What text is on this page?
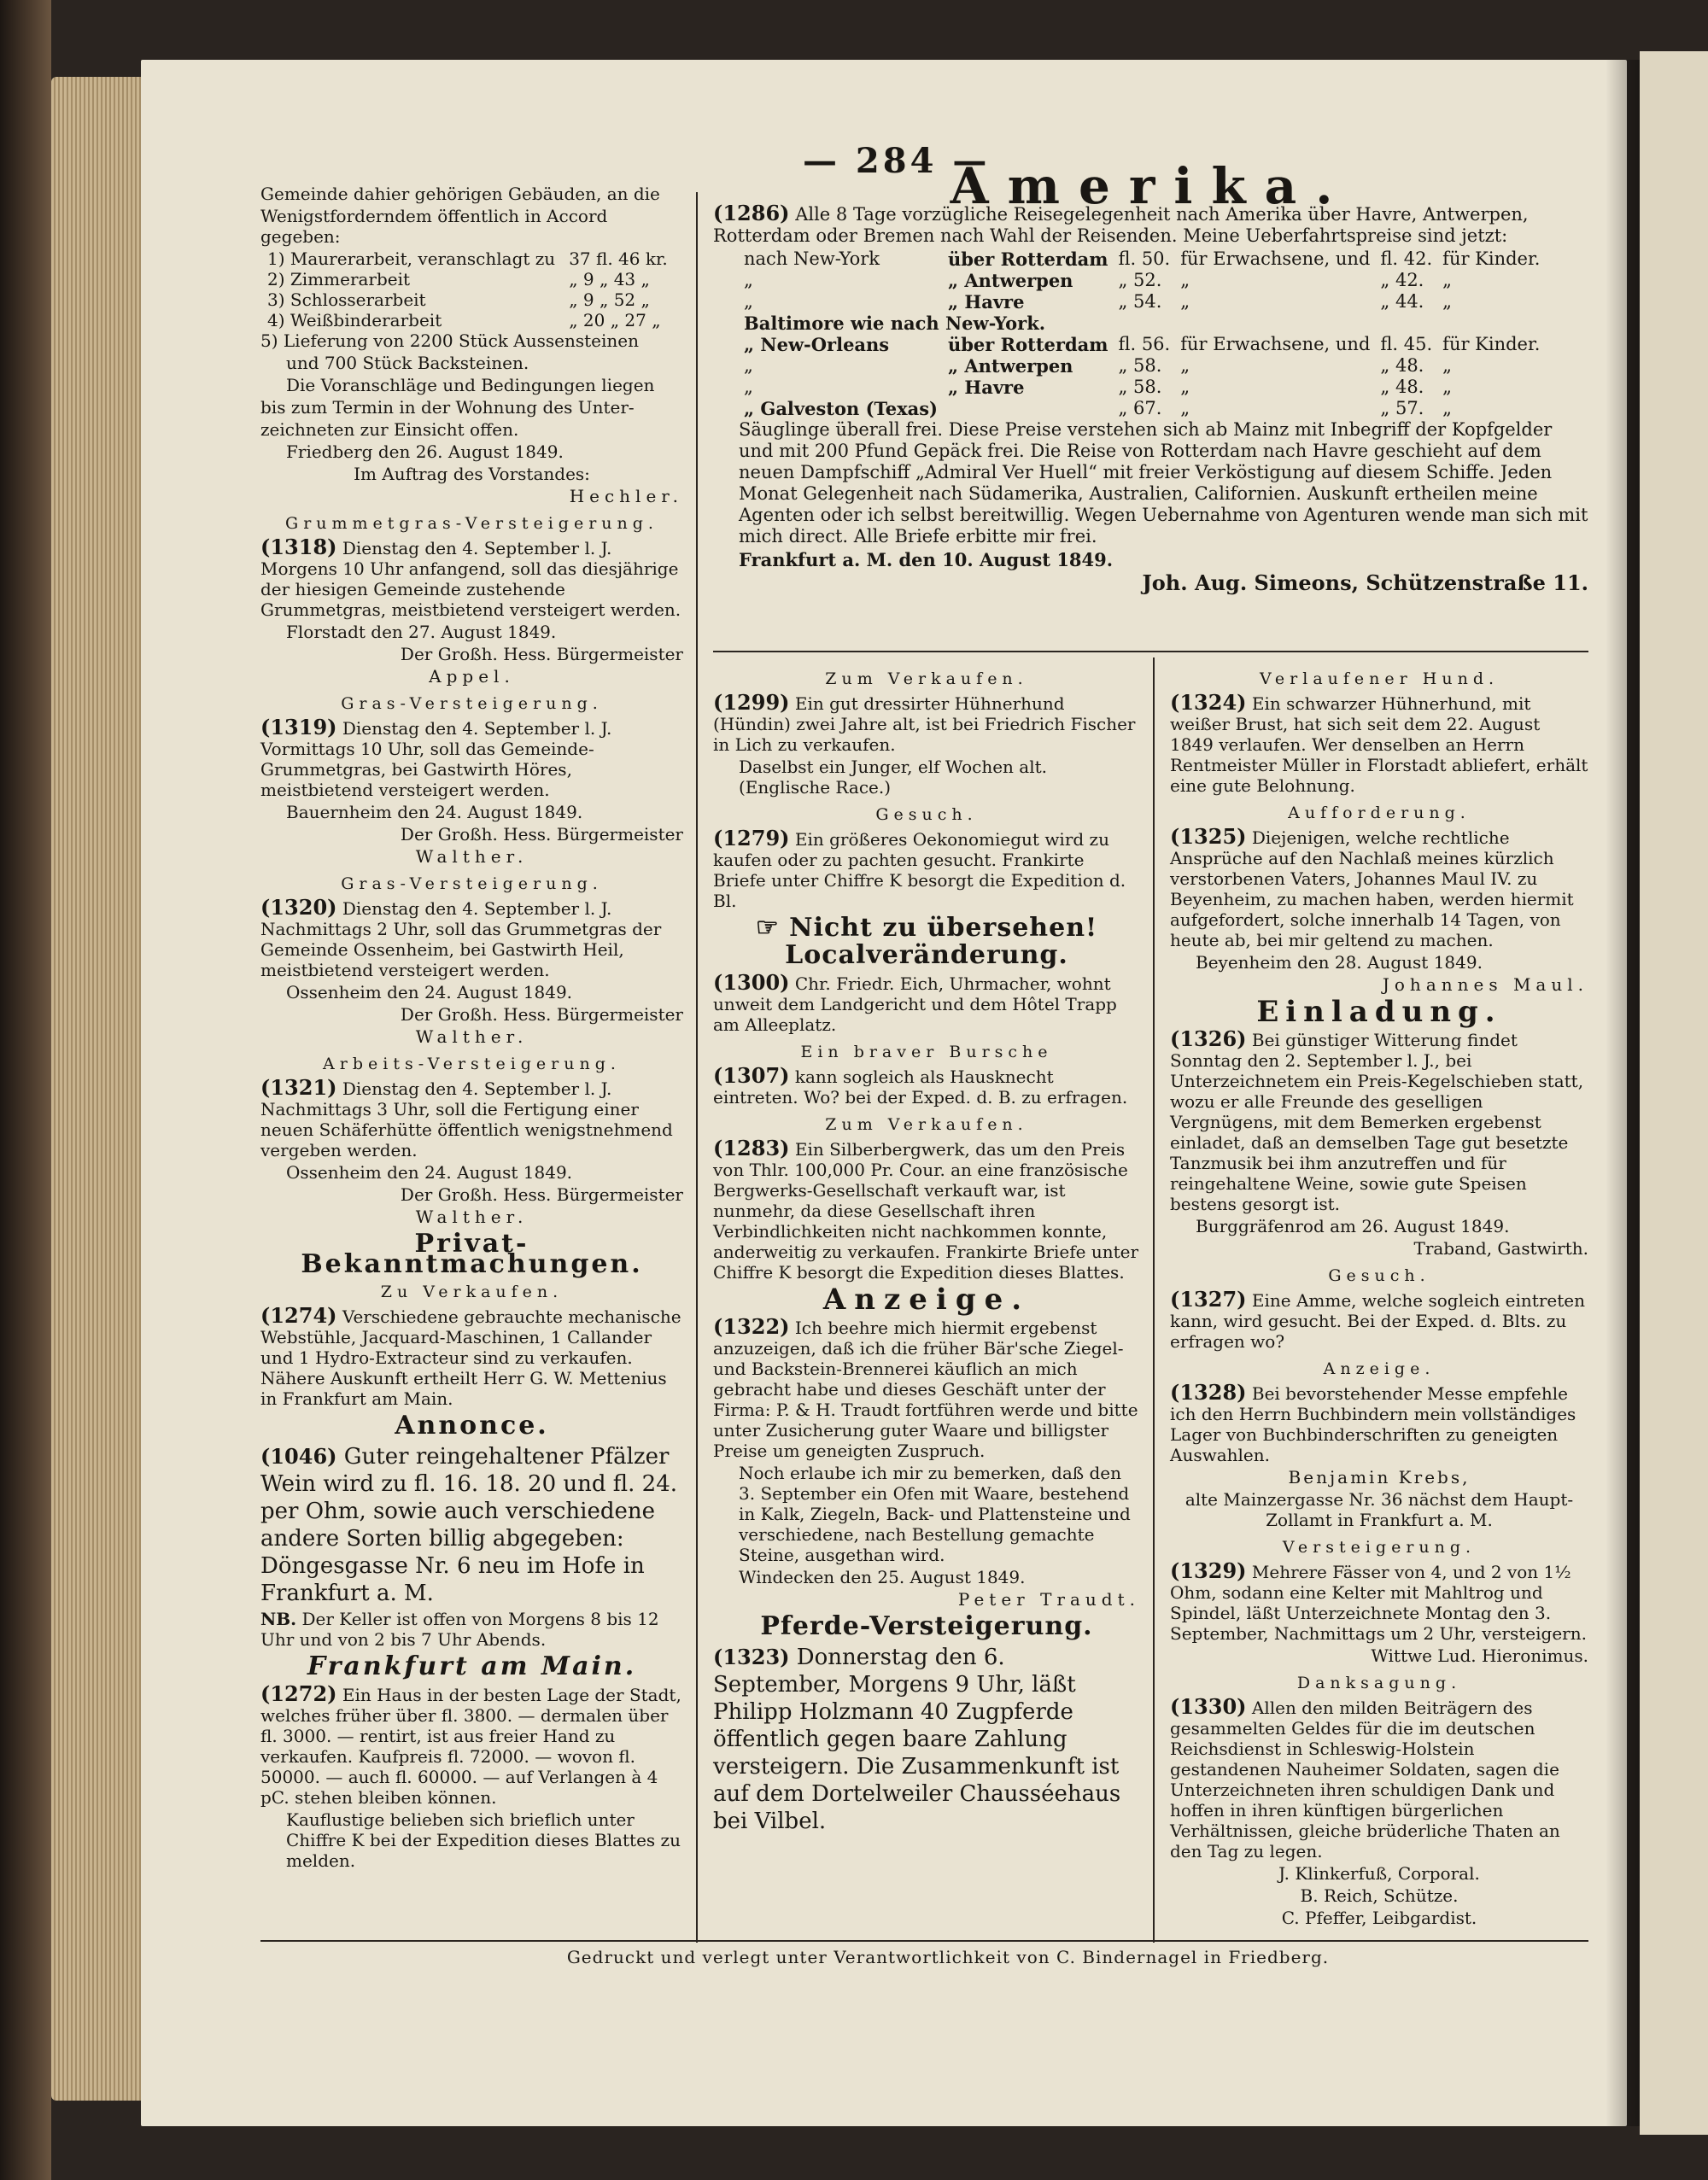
— 284 —

Gemeinde dahier gehörigen Gebäuden, an die

Wenigstforderndem öffentlich in Accord gegeben:

1) Maurerarbeit, veranschlagt zu	37 fl. 46 kr.
2) Zimmerarbeit	„ 9 „ 43 „
3) Schlosserarbeit	„ 9 „ 52 „
4) Weißbinderarbeit	„ 20 „ 27 „

5) Lieferung von 2200 Stück Aussensteinen

und 700 Stück Backsteinen.

Die Voranschläge und Bedingungen liegen

bis zum Termin in der Wohnung des Unter-

zeichneten zur Einsicht offen.

Friedberg den 26. August 1849.

Im Auftrag des Vorstandes:

Hechler.

Grummetgras-Versteigerung.

(1318) Dienstag den 4. September l. J. Morgens 10 Uhr anfangend, soll das diesjährige der hiesigen Gemeinde zustehende Grummetgras, meistbietend versteigert werden.

Florstadt den 27. August 1849.

Der Großh. Hess. Bürgermeister

Appel.

Gras-Versteigerung.

(1319) Dienstag den 4. September l. J. Vormittags 10 Uhr, soll das Gemeinde-Grummetgras, bei Gastwirth Höres, meistbietend versteigert werden.

Bauernheim den 24. August 1849.

Der Großh. Hess. Bürgermeister

Walther.

Gras-Versteigerung.

(1320) Dienstag den 4. September l. J. Nachmittags 2 Uhr, soll das Grummetgras der Gemeinde Ossenheim, bei Gastwirth Heil, meistbietend versteigert werden.

Ossenheim den 24. August 1849.

Der Großh. Hess. Bürgermeister

Walther.

Arbeits-Versteigerung.

(1321) Dienstag den 4. September l. J. Nachmittags 3 Uhr, soll die Fertigung einer neuen Schäferhütte öffentlich wenigstnehmend vergeben werden.

Ossenheim den 24. August 1849.

Der Großh. Hess. Bürgermeister

Walther.

Privat-Bekanntmachungen.
Zu Verkaufen.

(1274) Verschiedene gebrauchte mechanische Webstühle, Jacquard-Maschinen, 1 Callander und 1 Hydro-Extracteur sind zu verkaufen. Nähere Auskunft ertheilt Herr G. W. Mettenius in Frankfurt am Main.

Annonce.

(1046) Guter reingehaltener Pfälzer Wein wird zu fl. 16. 18. 20 und fl. 24. per Ohm, sowie auch verschiedene andere Sorten billig abgegeben: Döngesgasse Nr. 6 neu im Hofe in Frankfurt a. M.

NB. Der Keller ist offen von Morgens 8 bis 12 Uhr und von 2 bis 7 Uhr Abends.

Frankfurt am Main.

(1272) Ein Haus in der besten Lage der Stadt, welches früher über fl. 3800. — dermalen über fl. 3000. — rentirt, ist aus freier Hand zu verkaufen. Kaufpreis fl. 72000. — wovon fl. 50000. — auch fl. 60000. — auf Verlangen à 4 pC. stehen bleiben können.

Kauflustige belieben sich brieflich unter Chiffre K bei der Expedition dieses Blattes zu melden.

Amerika.

(1286) Alle 8 Tage vorzügliche Reisegelegenheit nach Amerika über Havre, Antwerpen, Rotterdam oder Bremen nach Wahl der Reisenden. Meine Ueberfahrtspreise sind jetzt:

nach New-York	über Rotterdam	fl. 50.	für Erwachsene, und	fl. 42.	für Kinder.
„	„ Antwerpen	„ 52.	„	„ 42.	„
„	„ Havre	„ 54.	„	„ 44.	„
Baltimore wie nach New-York.					
„ New-Orleans	über Rotterdam	fl. 56.	für Erwachsene, und	fl. 45.	für Kinder.
„	„ Antwerpen	„ 58.	„	„ 48.	„
„	„ Havre	„ 58.	„	„ 48.	„
„ Galveston (Texas)		„ 67.	„	„ 57.	„

Säuglinge überall frei. Diese Preise verstehen sich ab Mainz mit Inbegriff der Kopfgelder und mit 200 Pfund Gepäck frei. Die Reise von Rotterdam nach Havre geschieht auf dem neuen Dampfschiff „Admiral Ver Huell“ mit freier Verköstigung auf diesem Schiffe. Jeden Monat Gelegenheit nach Südamerika, Australien, Californien. Auskunft ertheilen meine Agenten oder ich selbst bereitwillig. Wegen Uebernahme von Agenturen wende man sich mit mich direct. Alle Briefe erbitte mir frei.

Frankfurt a. M. den 10. August 1849.

Joh. Aug. Simeons, Schützenstraße 11.

Zum Verkaufen.

(1299) Ein gut dressirter Hühnerhund (Hündin) zwei Jahre alt, ist bei Friedrich Fischer in Lich zu verkaufen.

Daselbst ein Junger, elf Wochen alt. (Englische Race.)

Gesuch.

(1279) Ein größeres Oekonomiegut wird zu kaufen oder zu pachten gesucht. Frankirte Briefe unter Chiffre K besorgt die Expedition d. Bl.

☞ Nicht zu übersehen!
Localveränderung.

(1300) Chr. Friedr. Eich, Uhrmacher, wohnt unweit dem Landgericht und dem Hôtel Trapp am Alleeplatz.

Ein braver Bursche

(1307) kann sogleich als Hausknecht eintreten. Wo? bei der Exped. d. B. zu erfragen.

Zum Verkaufen.

(1283) Ein Silberbergwerk, das um den Preis von Thlr. 100,000 Pr. Cour. an eine französische Bergwerks-Gesellschaft verkauft war, ist nunmehr, da diese Gesellschaft ihren Verbindlichkeiten nicht nachkommen konnte, anderweitig zu verkaufen. Frankirte Briefe unter Chiffre K besorgt die Expedition dieses Blattes.

Anzeige.

(1322) Ich beehre mich hiermit ergebenst anzuzeigen, daß ich die früher Bär'sche Ziegel- und Backstein-Brennerei käuflich an mich gebracht habe und dieses Geschäft unter der Firma: P. & H. Traudt fortführen werde und bitte unter Zusicherung guter Waare und billigster Preise um geneigten Zuspruch.

Noch erlaube ich mir zu bemerken, daß den 3. September ein Ofen mit Waare, bestehend in Kalk, Ziegeln, Back- und Plattensteine und verschiedene, nach Bestellung gemachte Steine, ausgethan wird.

Windecken den 25. August 1849.

Peter Traudt.

Pferde-Versteigerung.

(1323) Donnerstag den 6. September, Morgens 9 Uhr, läßt Philipp Holzmann 40 Zugpferde öffentlich gegen baare Zahlung versteigern. Die Zusammenkunft ist auf dem Dortelweiler Chausséehaus bei Vilbel.

Verlaufener Hund.

(1324) Ein schwarzer Hühnerhund, mit weißer Brust, hat sich seit dem 22. August 1849 verlaufen. Wer denselben an Herrn Rentmeister Müller in Florstadt abliefert, erhält eine gute Belohnung.

Aufforderung.

(1325) Diejenigen, welche rechtliche Ansprüche auf den Nachlaß meines kürzlich verstorbenen Vaters, Johannes Maul IV. zu Beyenheim, zu machen haben, werden hiermit aufgefordert, solche innerhalb 14 Tagen, von heute ab, bei mir geltend zu machen.

Beyenheim den 28. August 1849.

Johannes Maul.

Einladung.

(1326) Bei günstiger Witterung findet Sonntag den 2. September l. J., bei Unterzeichnetem ein Preis-Kegelschieben statt, wozu er alle Freunde des geselligen Vergnügens, mit dem Bemerken ergebenst einladet, daß an demselben Tage gut besetzte Tanzmusik bei ihm anzutreffen und für reingehaltene Weine, sowie gute Speisen bestens gesorgt ist.

Burggräfenrod am 26. August 1849.

Traband, Gastwirth.

Gesuch.

(1327) Eine Amme, welche sogleich eintreten kann, wird gesucht. Bei der Exped. d. Blts. zu erfragen wo?

Anzeige.

(1328) Bei bevorstehender Messe empfehle ich den Herrn Buchbindern mein vollständiges Lager von Buchbinderschriften zu geneigten Auswahlen.

Benjamin Krebs,

alte Mainzergasse Nr. 36 nächst dem Haupt-Zollamt in Frankfurt a. M.

Versteigerung.

(1329) Mehrere Fässer von 4, und 2 von 1½ Ohm, sodann eine Kelter mit Mahltrog und Spindel, läßt Unterzeichnete Montag den 3. September, Nachmittags um 2 Uhr, versteigern.

Wittwe Lud. Hieronimus.

Danksagung.

(1330) Allen den milden Beiträgern des gesammelten Geldes für die im deutschen Reichsdienst in Schleswig-Holstein gestandenen Nauheimer Soldaten, sagen die Unterzeichneten ihren schuldigen Dank und hoffen in ihren künftigen bürgerlichen Verhältnissen, gleiche brüderliche Thaten an den Tag zu legen.

J. Klinkerfuß, Corporal.

B. Reich, Schütze.

C. Pfeffer, Leibgardist.

Gedruckt und verlegt unter Verantwortlichkeit von C. Bindernagel in Friedberg.
